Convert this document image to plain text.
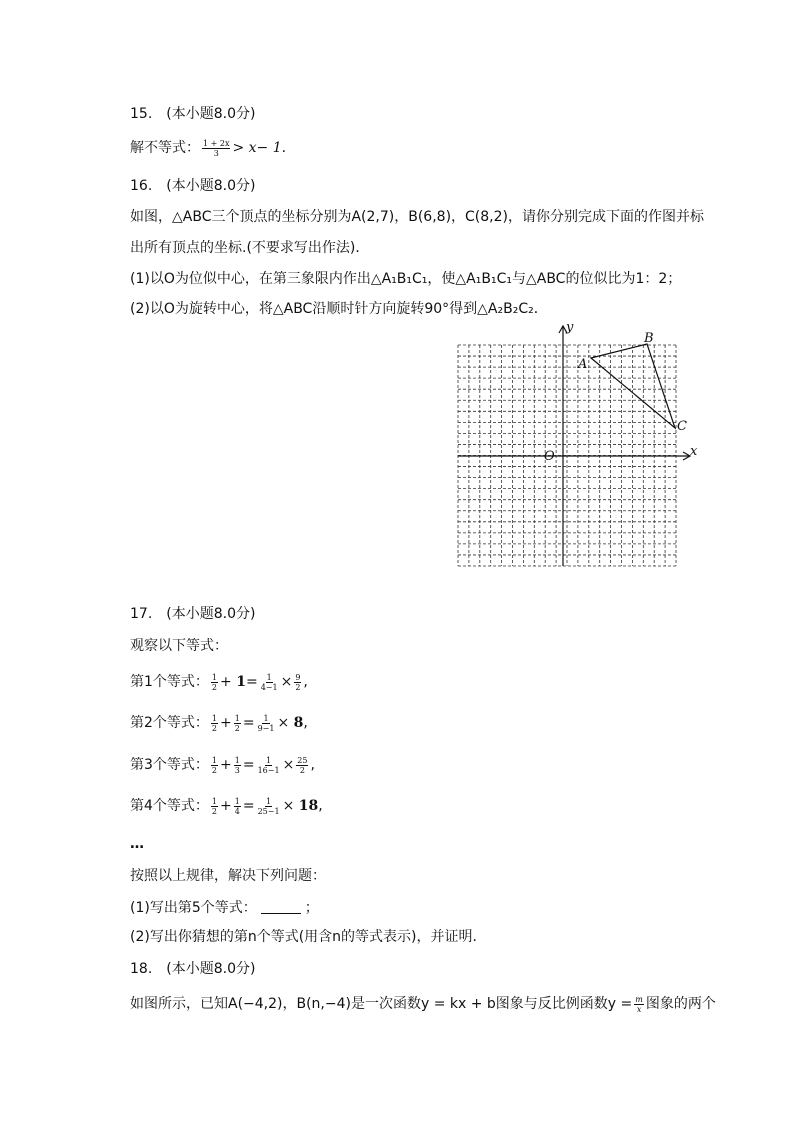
15.　(本小题8.0分)
解不等式： $\frac{1 + 2x}{3} > x- 1$.
16.　(本小题8.0分)
如图，△ABC三个顶点的坐标分别为A(2,7)，B(6,8)，C(8,2)，请你分别完成下面的作图并标
出所有顶点的坐标.(不要求写出作法)．
(1)以O为位似中心，在第三象限内作出△A₁B₁C₁，使△A₁B₁C₁与△ABC的位似比为1：2；
(2)以O为旋转中心，将△ABC沿顺时针方向旋转90°得到△A₂B₂C₂．
y
x
O
A
B
C
17.　(本小题8.0分)
观察以下等式：
第1个等式： $\frac{1}{2} + 1= \frac{1}{4-1} \times \frac{9}{2}$ ,
第2个等式： $\frac{1}{2} + \frac{1}{2} = \frac{1}{9-1} \times 8$,
第3个等式： $\frac{1}{2} + \frac{1}{3} = \frac{1}{16-1} \times \frac{25}{2}$ ,
第4个等式： $\frac{1}{2} + \frac{1}{4} = \frac{1}{25-1} \times 18$,
…
按照以上规律，解决下列问题：
(1)写出第5个等式：	；
(2)写出你猜想的第n个等式(用含n的等式表示)，并证明．
18.　(本小题8.0分)
如图所示，已知A(−4,2)，B(n,−4)是一次函数y = kx + b图象与反比例函数$y = \frac{m}{x}$ 图象的两个
